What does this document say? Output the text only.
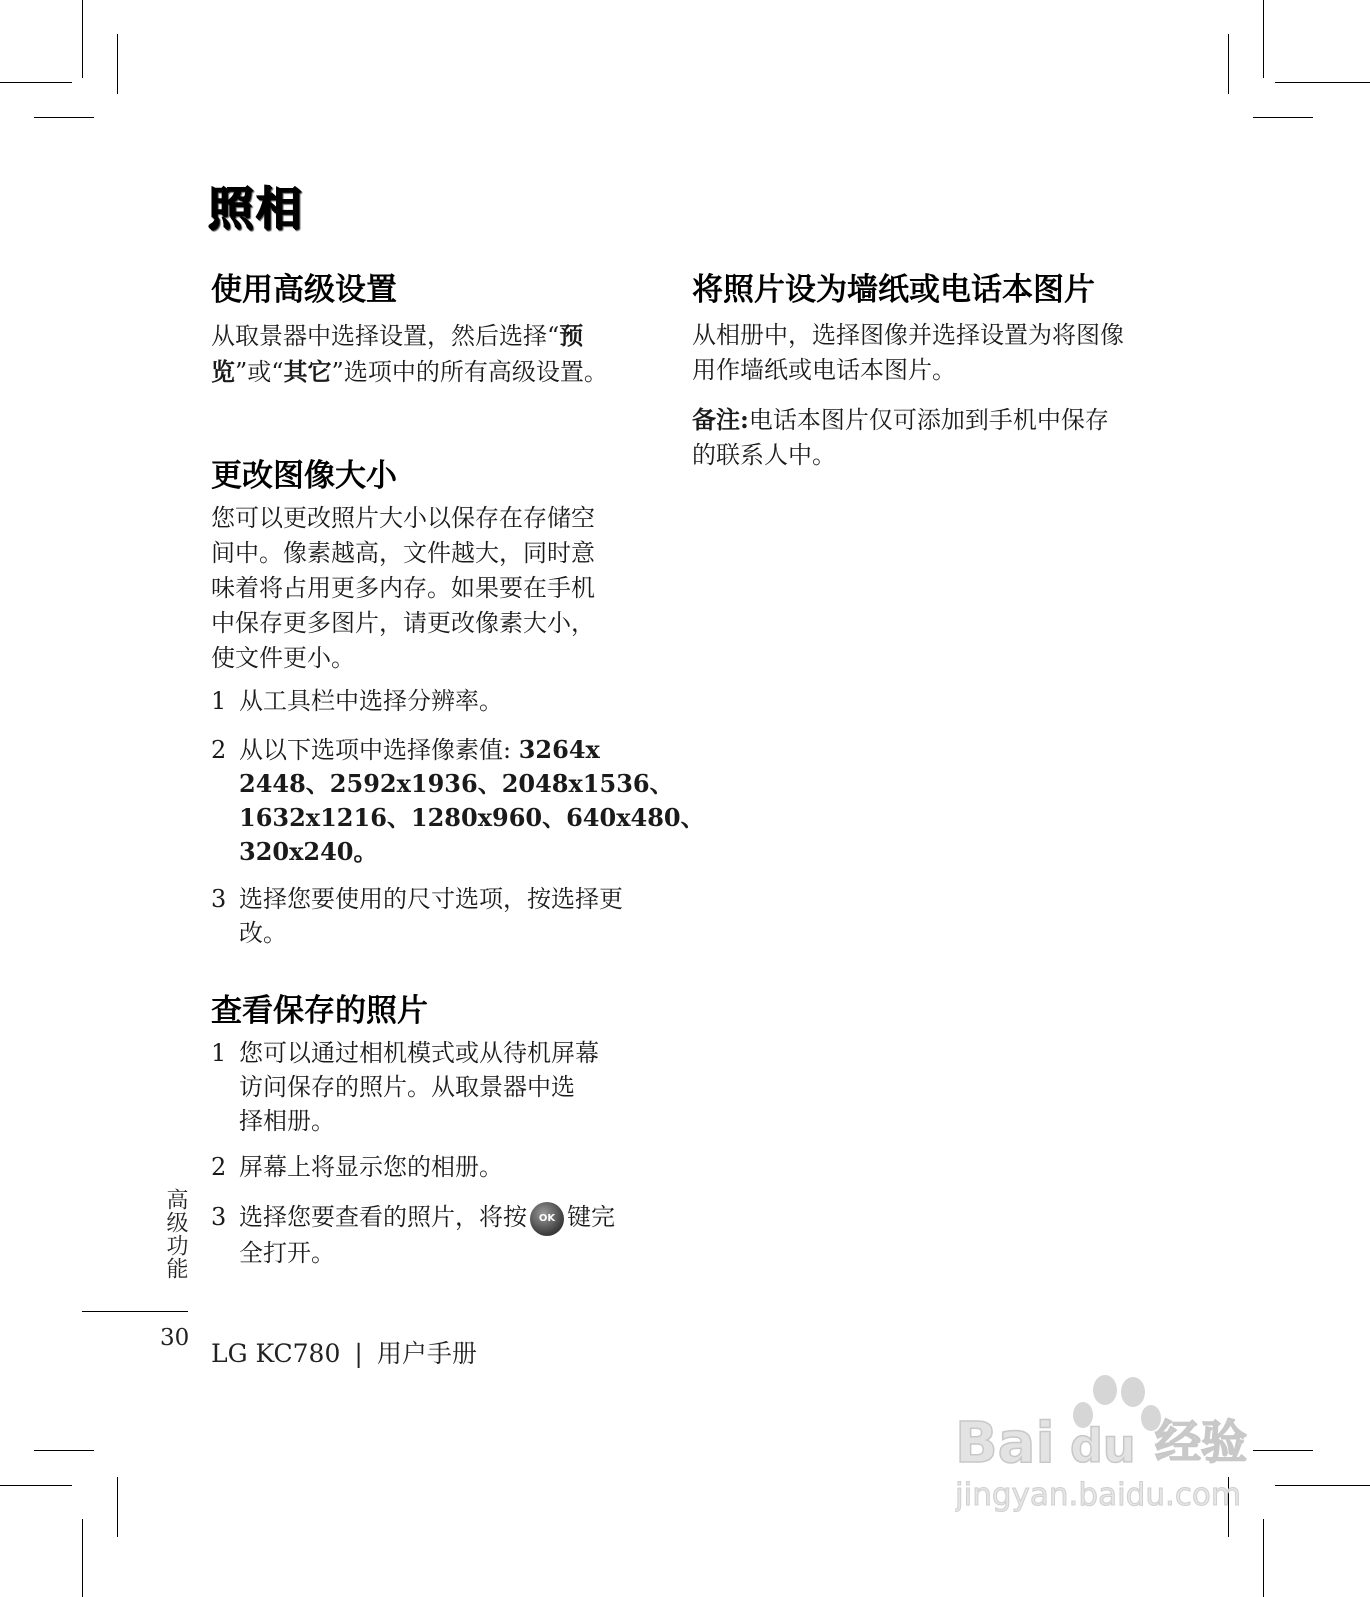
照相
使用高级设置
从取景器中选择设置，然后选择“预
览”或“其它”选项中的所有高级设置。
更改图像大小
您可以更改照片大小以保存在存储空
间中。像素越高，文件越大，同时意
味着将占用更多内存。如果要在手机
中保存更多图片，请更改像素大小，
使文件更小。
1 从工具栏中选择分辨率。
2 从以下选项中选择像素值: 3264x
2448、2592x1936、2048x1536、
1632x1216、1280x960、640x480、
320x240。
3 选择您要使用的尺寸选项，按选择更
改。
查看保存的照片
1 您可以通过相机模式或从待机屏幕
访问保存的照片。从取景器中选
择相册。
2 屏幕上将显示您的相册。
3 选择您要查看的照片，将按 OK 键完
全打开。
将照片设为墙纸或电话本图片
从相册中，选择图像并选择设置为将图像
用作墙纸或电话本图片。
备注:电话本图片仅可添加到手机中保存
的联系人中。
高级功能
30
LG KC780 | 用户手册
Bai du 经验
jingyan.baidu.com
